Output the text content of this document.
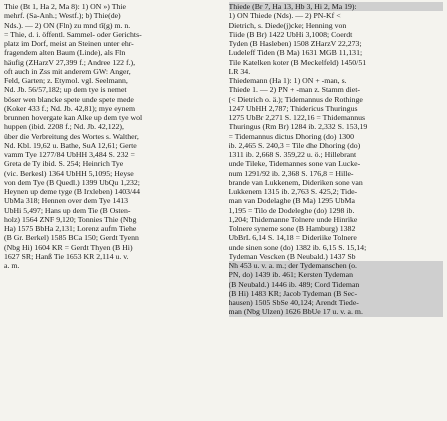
Thie (Bt 1, Ha 2, Ma 8): 1) ON ») Thie
mehrf. (Sa-Anh.; Westf.); b) Thie(de)
Nds.). — 2) ON (Fln) zu mnd tī(g) m. n.
= Thie, d. i. öffentl. Sammel- oder Gerichts-
platz im Dorf, meist an Steinen unter ehr-
fragendem alten Baum (Linde), als Fln
häufig (ZHarzV 27,399 f.; Andree 122 f.),
oft auch in Zss mit anderem GW: Anger,
Feld, Garten; z. Etymol. vgl. Seelmann,
Nd. Jb. 56/57,182; up dem tye is nemet
böser wen blancke spete unde spete mede
(Koker 433 f.; Nd. Jb. 42,81); mye eynem
brunnen hovergate kan Alke up dem tye wol
huppen (ibid. 2208 f.; Nd. Jb. 42,122),
über die Verbreitung des Wortes s. Walther,
Nd. Kbl. 19,62 u. Bathe, SuA 12,61; Gerte
vamm Tye 1277/84 UbHH 3,484 S. 232 =
Greta de Ty ibid. S. 254; Heinrich Tye
(vic. Berkesl) 1364 UbHH 5,1095; Heyse
von dem Tye (B Quedl.) 1399 UbQu 1,232;
Heynen up deme tyge (B Irxleben) 1403/44
UbMa 318; Hennen over dem Tye 1413
UbHi 5,497; Hans up dem Tie (B Osten-
holz) 1564 ZNF 9,120; Tonnies Thie (Nbg
Ha) 1575 BbHa 2,131; Lorenz aufm Tiehe
(B Gr. Berkel) 1585 BCa 150; Gerdt Tyenn
(Nbg Hi) 1604 KR = Gerdt Thyen (B Hi)
1627 SR; Hanß Tie 1653 KR 2,114 u. v.
a. m.
Thiede (Br 7, Ha 13, Hb 3, Hi 2, Ma 19):
1) ON Thiede (Nds). — 2) PN-Kf <
Dietrich, s. Diede(j)cke; Henning von
Tiide (B Br) 1422 UbHi 3,1008; Coerdt
Tyden (B Hasleben) 1508 ZHarzV 22,273;
Ludeleff Tiden (B Ma) 1631 MGB 11,131;
Tile Katelken koter (B Meckelfeld) 1450/51
LR 34.
Thiedemann (Ha 1): 1) ON + -man, s.
Thiede 1. — 2) PN + -man z. Stamm diet-
(< Dietrich o. ä.); Tidemannus de Rothinge
1247 UbHH 2,787; Thidericus Thuringus
1275 UbBr 2,271 S. 122,16 = Thidemannus
Thuringus (Rm Br) 1284 ib. 2,332 S. 153,19
= Tidemannus dictus Dhoring (do) 1300
ib. 2,465 S. 240,3 = Tile dhe Dhoring (do)
1311 ib. 2,668 S. 359,22 u. ö.; Hillebrant
unde Tileke, Tidemannes sone van Lucke-
num 1291/92 ib. 2,368 S. 176,8 = Hille-
brande van Lukkenem, Dideriken sone van
Lukkenem 1315 ib. 2,763 S. 425,2; Tide-
man van Dodelaghe (B Ma) 1295 UbMa
1,195 = Tilo de Dodeleghe (do) 1298 ib.
1,204; Thidemanne Tolnere unde Hinrike
Tolnere syneme sone (B Hamburg) 1382
UbBrL 6,14 S. 14,18 = Dideriike Tolnere
unde sinen sone (do) 1382 ib. 6,15 S. 15,14;
Tydeman Vescken (B Neubald.) 1437 Sb
Nh 453 u. v. a. m.; der Tydemanschen (o.
PN, do) 1439 ib. 461; Kersten Tydeman
(B Neubald.) 1446 ib. 489; Cord Tideman
(B Hi) 1483 KR; Jacob Tydeman (B Sec-
hausen) 1505 SbSe 40,124; Arendt Tiede-
man (Nbg Ulzen) 1626 BbUe 17 u. v. a. m.
